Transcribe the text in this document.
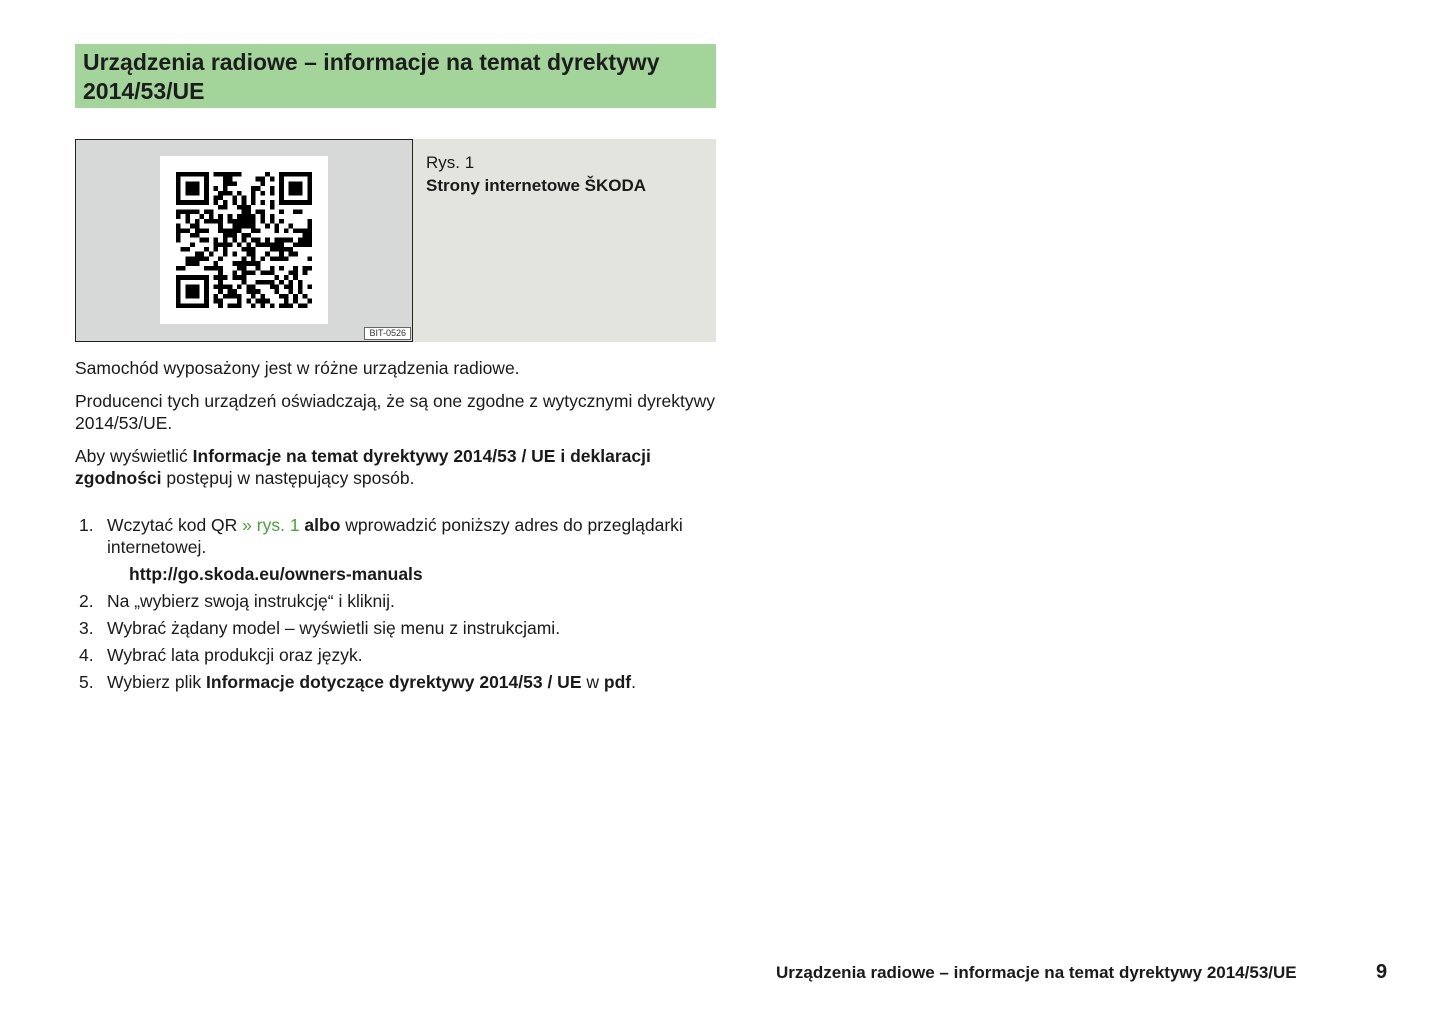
Urządzenia radiowe – informacje na temat dyrektywy 2014/53/UE
BIT-0526
Rys. 1
Strony internetowe ŠKODA

Samochód wyposażony jest w różne urządzenia radiowe.

Producenci tych urządzeń oświadczają, że są one zgodne z wytycznymi dyrektywy 2014/53/UE.

Aby wyświetlić Informacje na temat dyrektywy 2014/53 / UE i deklaracji zgodności postępuj w następujący sposób.

1. Wczytać kod QR » rys. 1 albo wprowadzić poniższy adres do przeglądarki internetowej.
http://go.skoda.eu/owners-manuals
2. Na „wybierz swoją instrukcję“ i kliknij.
3. Wybrać żądany model – wyświetli się menu z instrukcjami.
4. Wybrać lata produkcji oraz język.
5. Wybierz plik Informacje dotyczące dyrektywy 2014/53 / UE w pdf.
Urządzenia radiowe – informacje na temat dyrektywy 2014/53/UE	9
